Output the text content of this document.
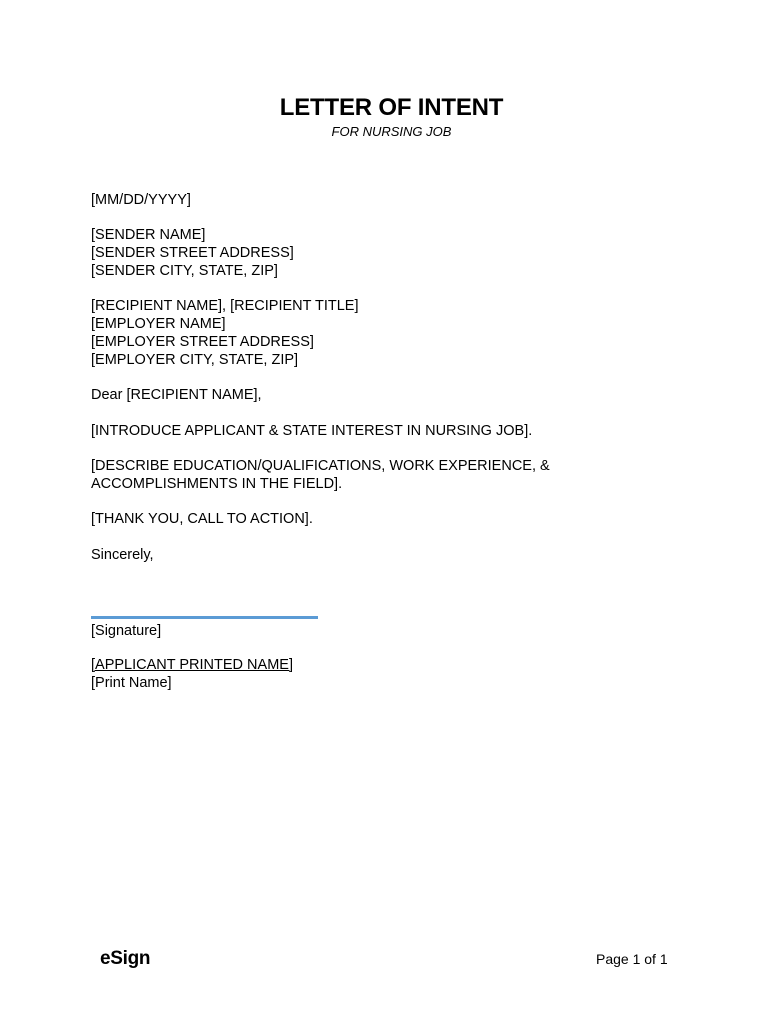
LETTER OF INTENT
FOR NURSING JOB

[MM/DD/YYYY]

[SENDER NAME]
[SENDER STREET ADDRESS]
[SENDER CITY, STATE, ZIP]

[RECIPIENT NAME], [RECIPIENT TITLE]
[EMPLOYER NAME]
[EMPLOYER STREET ADDRESS]
[EMPLOYER CITY, STATE, ZIP]

Dear [RECIPIENT NAME],

[INTRODUCE APPLICANT & STATE INTEREST IN NURSING JOB].

[DESCRIBE EDUCATION/QUALIFICATIONS, WORK EXPERIENCE, & ACCOMPLISHMENTS IN THE FIELD].

[THANK YOU, CALL TO ACTION].

Sincerely,

[Signature]
[APPLICANT PRINTED NAME]
[Print Name]
eSign	Page 1 of 1
